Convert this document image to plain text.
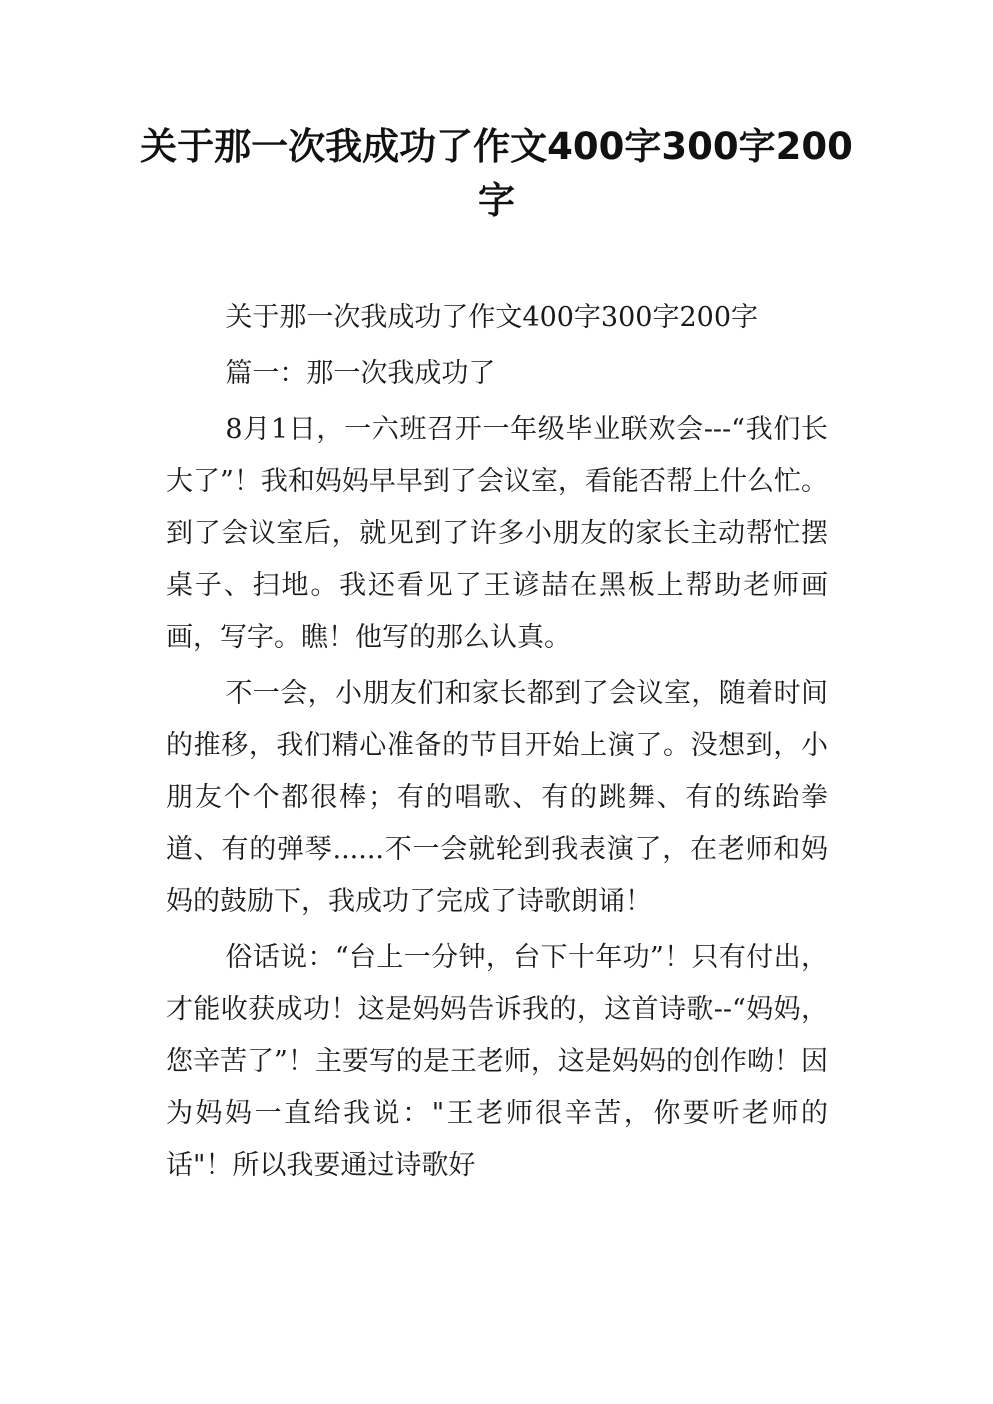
关于那一次我成功了作文400字300字200字

关于那一次我成功了作文400字300字200字

篇一：那一次我成功了

8月1日，一六班召开一年级毕业联欢会---“我们长大了”！我和妈妈早早到了会议室，看能否帮上什么忙。到了会议室后，就见到了许多小朋友的家长主动帮忙摆桌子、扫地。我还看见了王谚喆在黑板上帮助老师画画，写字。瞧！他写的那么认真。

不一会，小朋友们和家长都到了会议室，随着时间的推移，我们精心准备的节目开始上演了。没想到，小朋友个个都很棒；有的唱歌、有的跳舞、有的练跆拳道、有的弹琴......不一会就轮到我表演了，在老师和妈妈的鼓励下，我成功了完成了诗歌朗诵！

俗话说：“台上一分钟，台下十年功”！只有付出，才能收获成功！这是妈妈告诉我的，这首诗歌--“妈妈，您辛苦了”！主要写的是王老师，这是妈妈的创作呦！因为妈妈一直给我说："王老师很辛苦，你要听老师的话"！所以我要通过诗歌好
